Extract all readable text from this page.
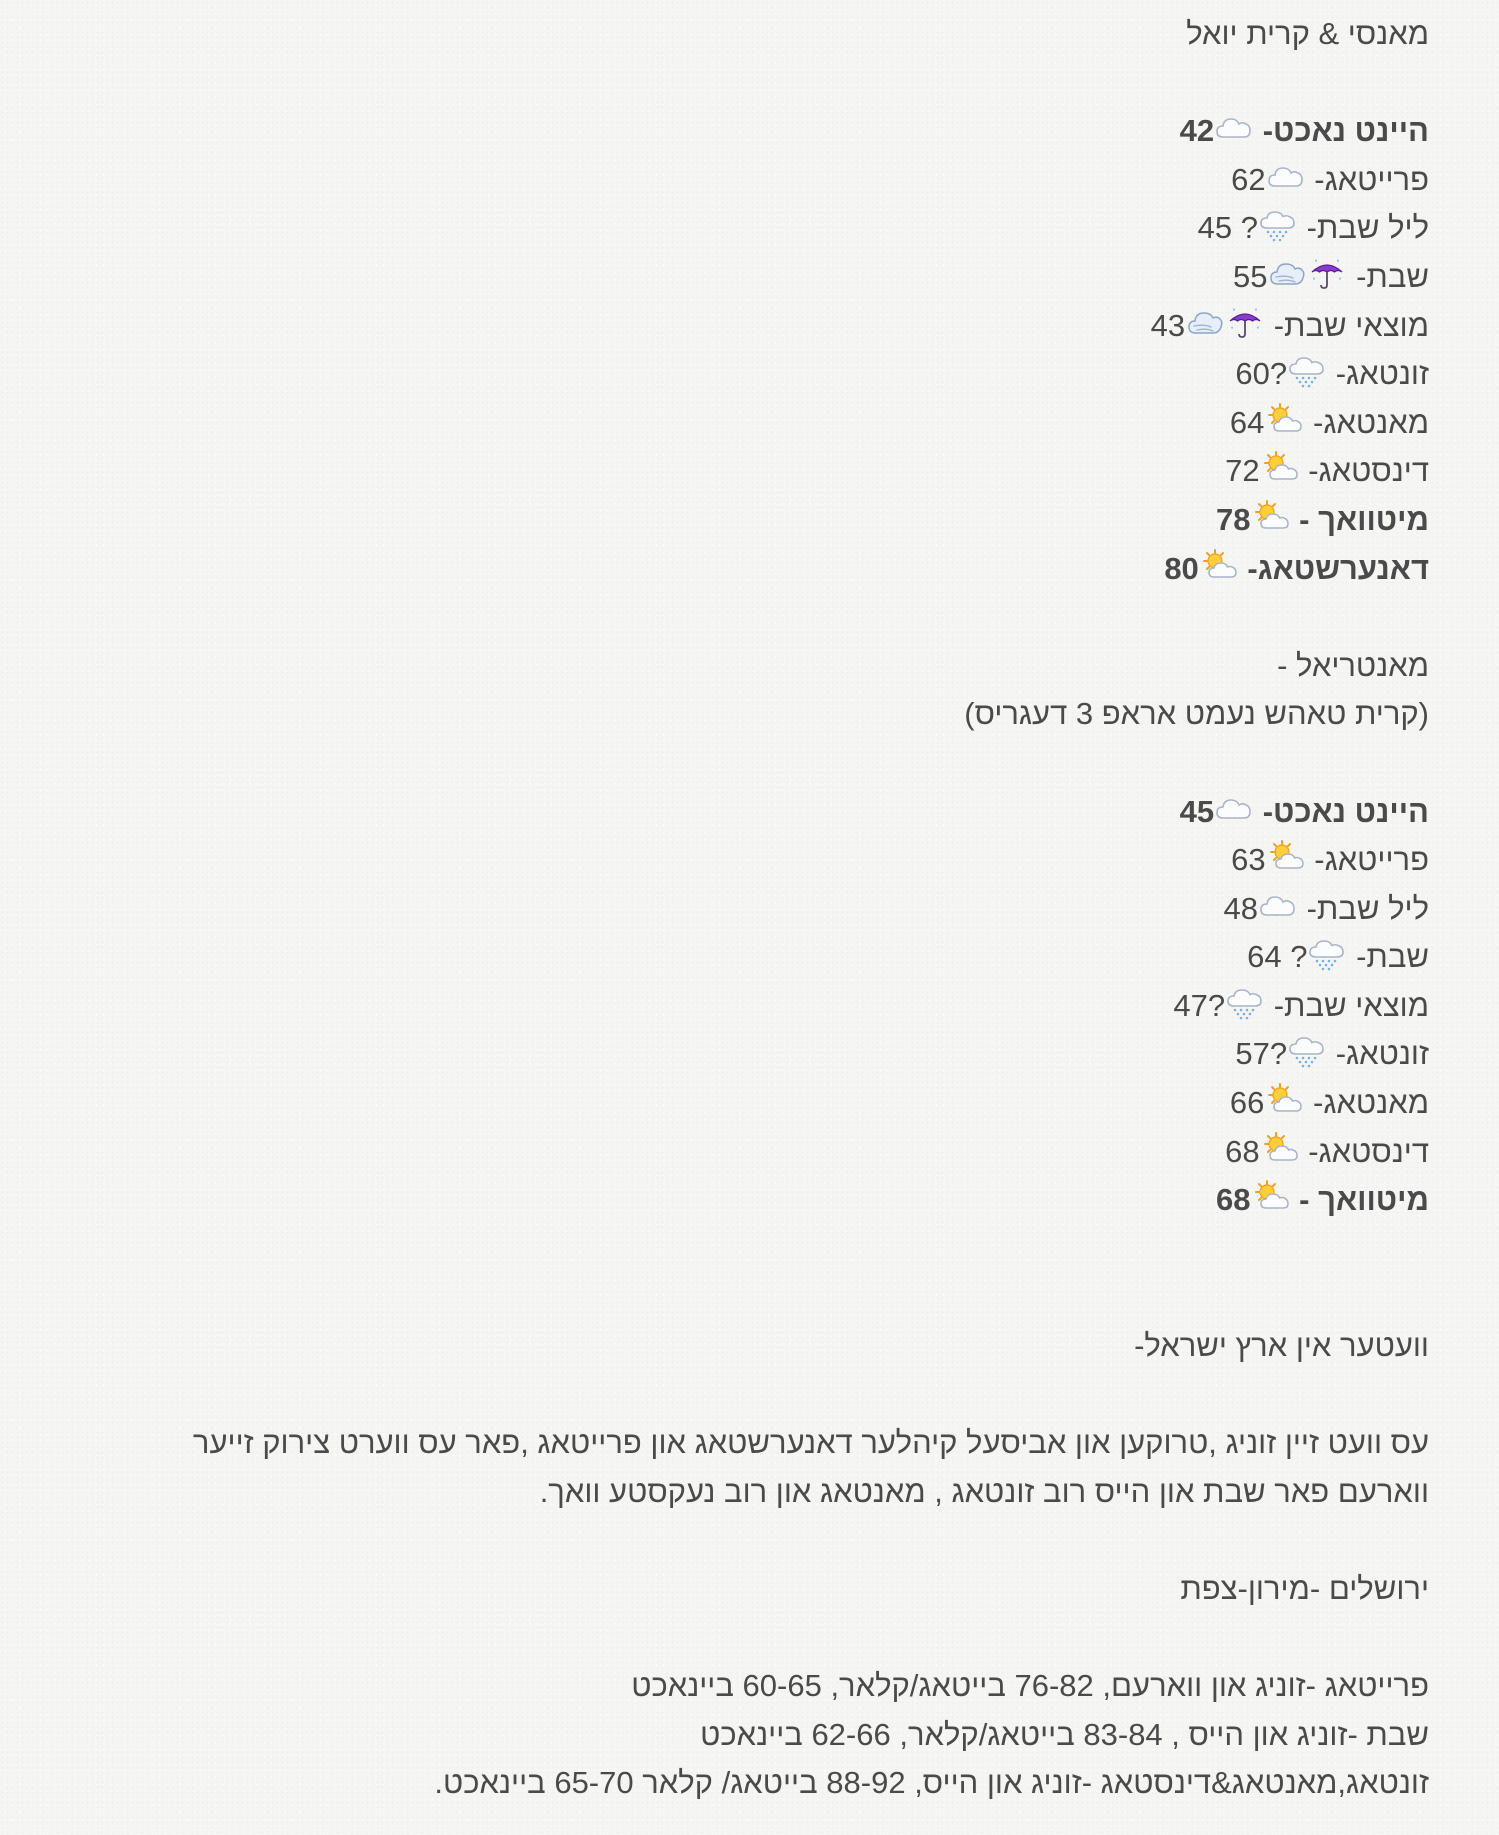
מאנסי & קרית יואל
היינט נאכט-
42
פרייטאג-
62
ליל שבת-
? 45
שבת-
55
מוצאי שבת-
43
זונטאג-
?60
מאנטאג-
64
דינסטאג-
72
מיטוואך -
78
דאנערשטאג-
80
מאנטריאל -
(קרית טאהש נעמט אראפ 3 דעגריס)
היינט נאכט-
45
פרייטאג-
63
ליל שבת-
48
שבת-
? 64
מוצאי שבת-
?47
זונטאג-
?57
מאנטאג-
66
דינסטאג-
68
מיטוואך -
68
וועטער אין ארץ ישראל-
עס וועט זיין זוניג ,טרוקען און אביסעל קיהלער דאנערשטאג און פרייטאג ,פאר עס ווערט צירוק זייער ווארעם פאר שבת און הייס רוב זונטאג , מאנטאג און רוב נעקסטע וואך.
ירושלים -מירון-צפת
פרייטאג -זוניג און ווארעם, 76-82 בייטאג/קלאר, 60-65 ביינאכט
שבת -זוניג און הייס , 83-84 בייטאג/קלאר, 62-66 ביינאכט
זונטאג,מאנטאג&דינסטאג -זוניג און הייס, 88-92 בייטאג/ קלאר 65-70 ביינאכט.
